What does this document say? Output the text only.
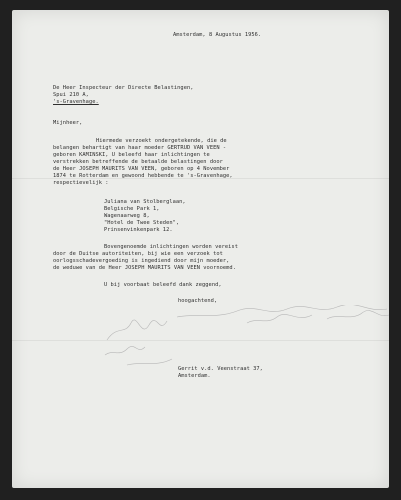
Amsterdam, 8 Augustus 1956.

De Heer Inspecteur der Directe Belastingen,

Spui 210 A,

's-Gravenhage.

Mijnheer,

Hiermede verzoekt ondergetekende, die de

belangen behartigt van haar moeder GERTRUD VAN VEEN -

geboren KAMINSKI, U beleefd haar inlichtingen te

verstrekken betreffende de betaalde belastingen door

de Heer JOSEPH MAURITS VAN VEEN, geboren op 4 November

1874 te Rotterdam en gewoond hebbende te 's-Gravenhage,

respectievelijk :

Juliana van Stolberglaan,

Belgische Park 1,

Wagenaarweg 8,

"Hotel de Twee Steden",

Prinsenvinkenpark 12.

Bovengenoemde inlichtingen worden vereist

door de Duitse autoriteiten, bij wie een verzoek tot

oorlogsschadevergoeding is ingediend door mijn moeder,

de weduwe van de Heer JOSEPH MAURITS VAN VEEN voornoemd.

U bij voorbaat beleefd dank zeggend,

hoogachtend,

Gerrit v.d. Veenstraat 37,

Amsterdam.
